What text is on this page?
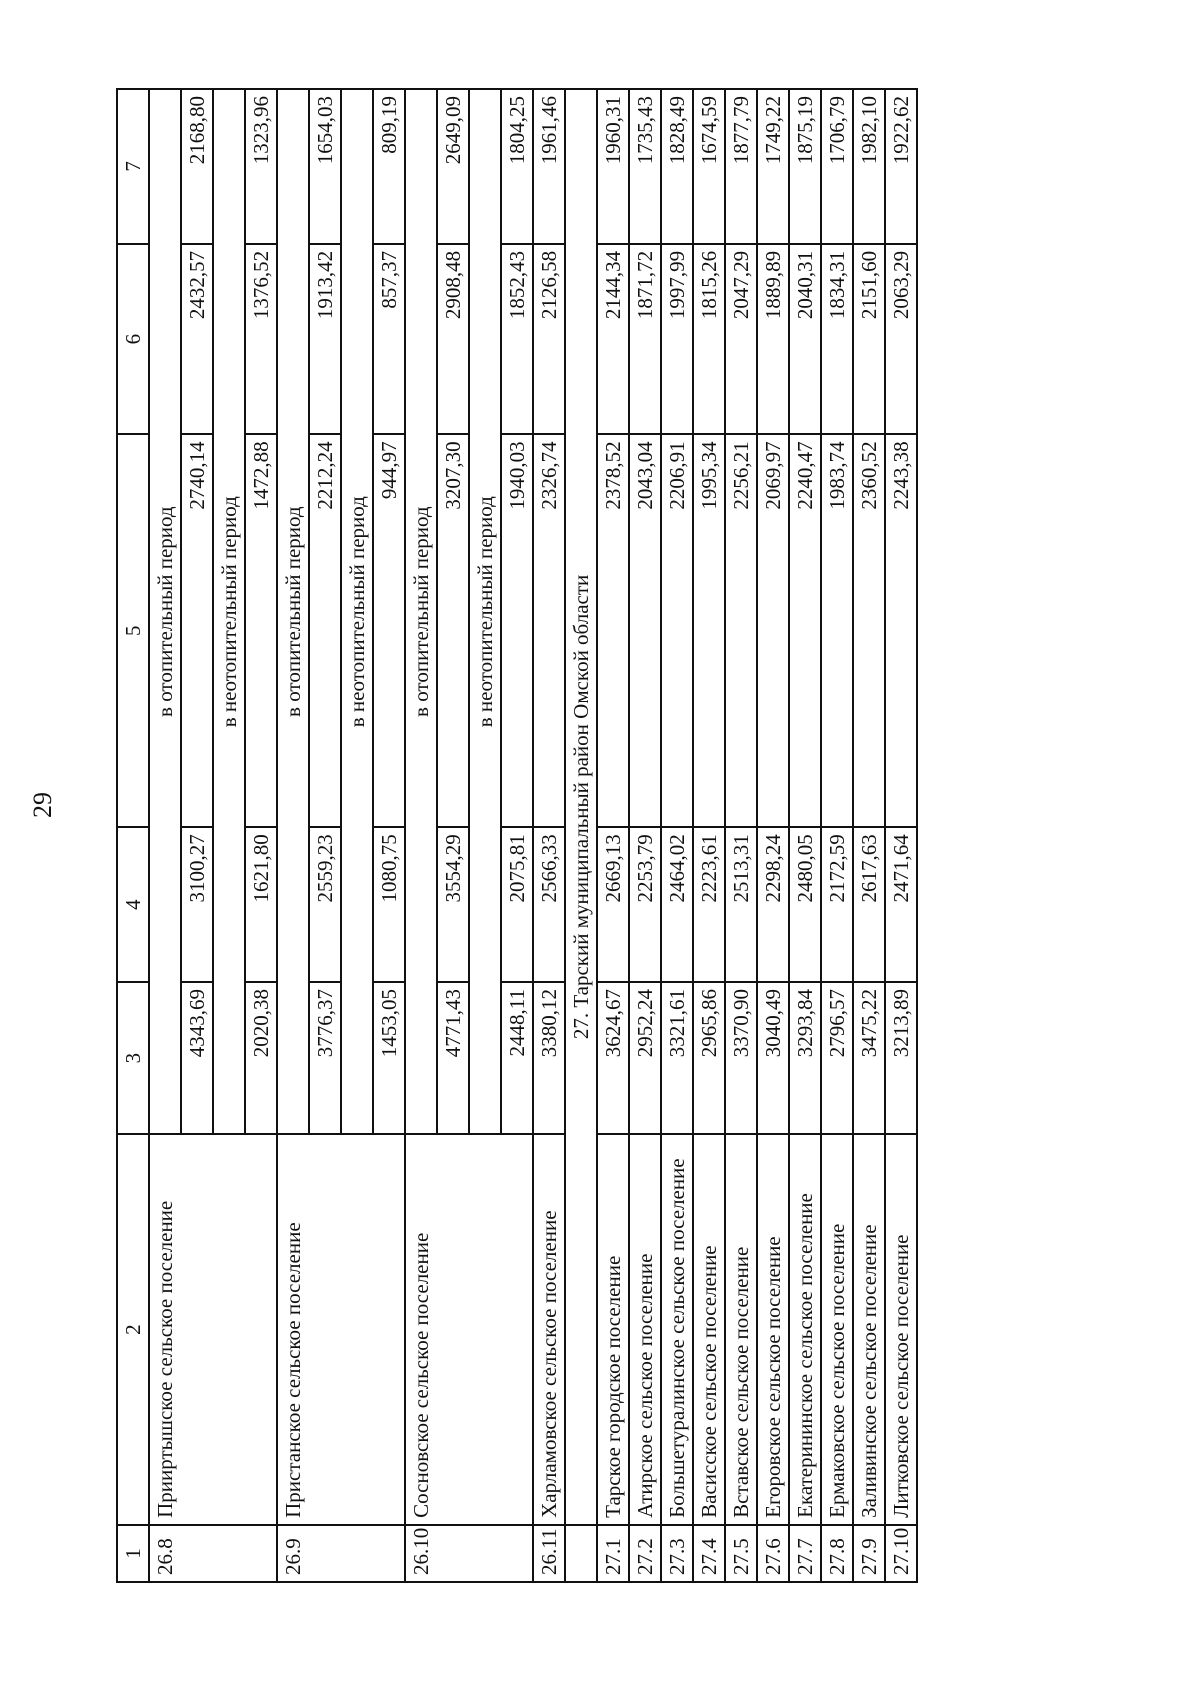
29
1	2	3	4	5	6	7
26.8	Прииртышское сельское поселение	в отопительный период				
		4343,69	3100,27	2740,14	2432,57	2168,80
		в неотопительный период				
		2020,38	1621,80	1472,88	1376,52	1323,96
26.9	Пристанское сельское поселение	в отопительный период				
		3776,37	2559,23	2212,24	1913,42	1654,03
		в неотопительный период				
		1453,05	1080,75	944,97	857,37	809,19
26.10	Сосновское сельское поселение	в отопительный период				
		4771,43	3554,29	3207,30	2908,48	2649,09
		в неотопительный период				
		2448,11	2075,81	1940,03	1852,43	1804,25
26.11	Харламовское сельское поселение	3380,12	2566,33	2326,74	2126,58	1961,46
	27. Тарский муниципальный район Омской области					
27.1	Тарское городское поселение	3624,67	2669,13	2378,52	2144,34	1960,31
27.2	Атирское сельское поселение	2952,24	2253,79	2043,04	1871,72	1735,43
27.3	Большетуралинское сельское поселение	3321,61	2464,02	2206,91	1997,99	1828,49
27.4	Васисское сельское поселение	2965,86	2223,61	1995,34	1815,26	1674,59
27.5	Вставское сельское поселение	3370,90	2513,31	2256,21	2047,29	1877,79
27.6	Егоровское сельское поселение	3040,49	2298,24	2069,97	1889,89	1749,22
27.7	Екатерининское сельское поселение	3293,84	2480,05	2240,47	2040,31	1875,19
27.8	Ермаковское сельское поселение	2796,57	2172,59	1983,74	1834,31	1706,79
27.9	Заливинское сельское поселение	3475,22	2617,63	2360,52	2151,60	1982,10
27.10	Литковское сельское поселение	3213,89	2471,64	2243,38	2063,29	1922,62
